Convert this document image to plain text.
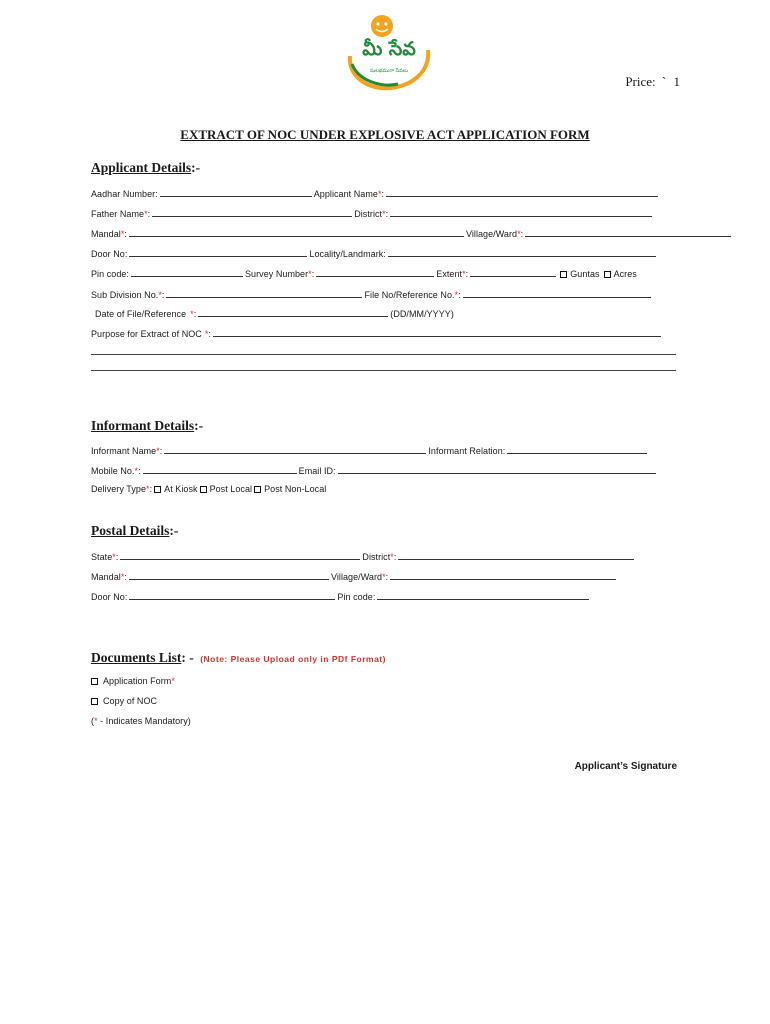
మీ సేవ
సులభముగా సేవలు
Price: ` 1
EXTRACT OF NOC UNDER EXPLOSIVE ACT APPLICATION FORM
Applicant Details:-
Aadhar Number:	Applicant Name*:
Father Name*:	District*:
Mandal*:	Village/Ward*:
Door No:	Locality/Landmark:
Pin code:	Survey Number*:	Extent*:	Guntas Acres
Sub Division No.*:	File No/Reference No.*:
Date of File/Reference *:	(DD/MM/YYYY)
Purpose for Extract of NOC *:
Informant Details:-
Informant Name*:	Informant Relation:
Mobile No.*:	Email ID:
Delivery Type*: At Kiosk Post Local Post Non-Local
Postal Details:-
State*:	District*:
Mandal*:	Village/Ward*:
Door No:	Pin code:
Documents List: - (Note: Please Upload only in PDf Format)
Application Form*
Copy of NOC
(* - Indicates Mandatory)
Applicant’s Signature
